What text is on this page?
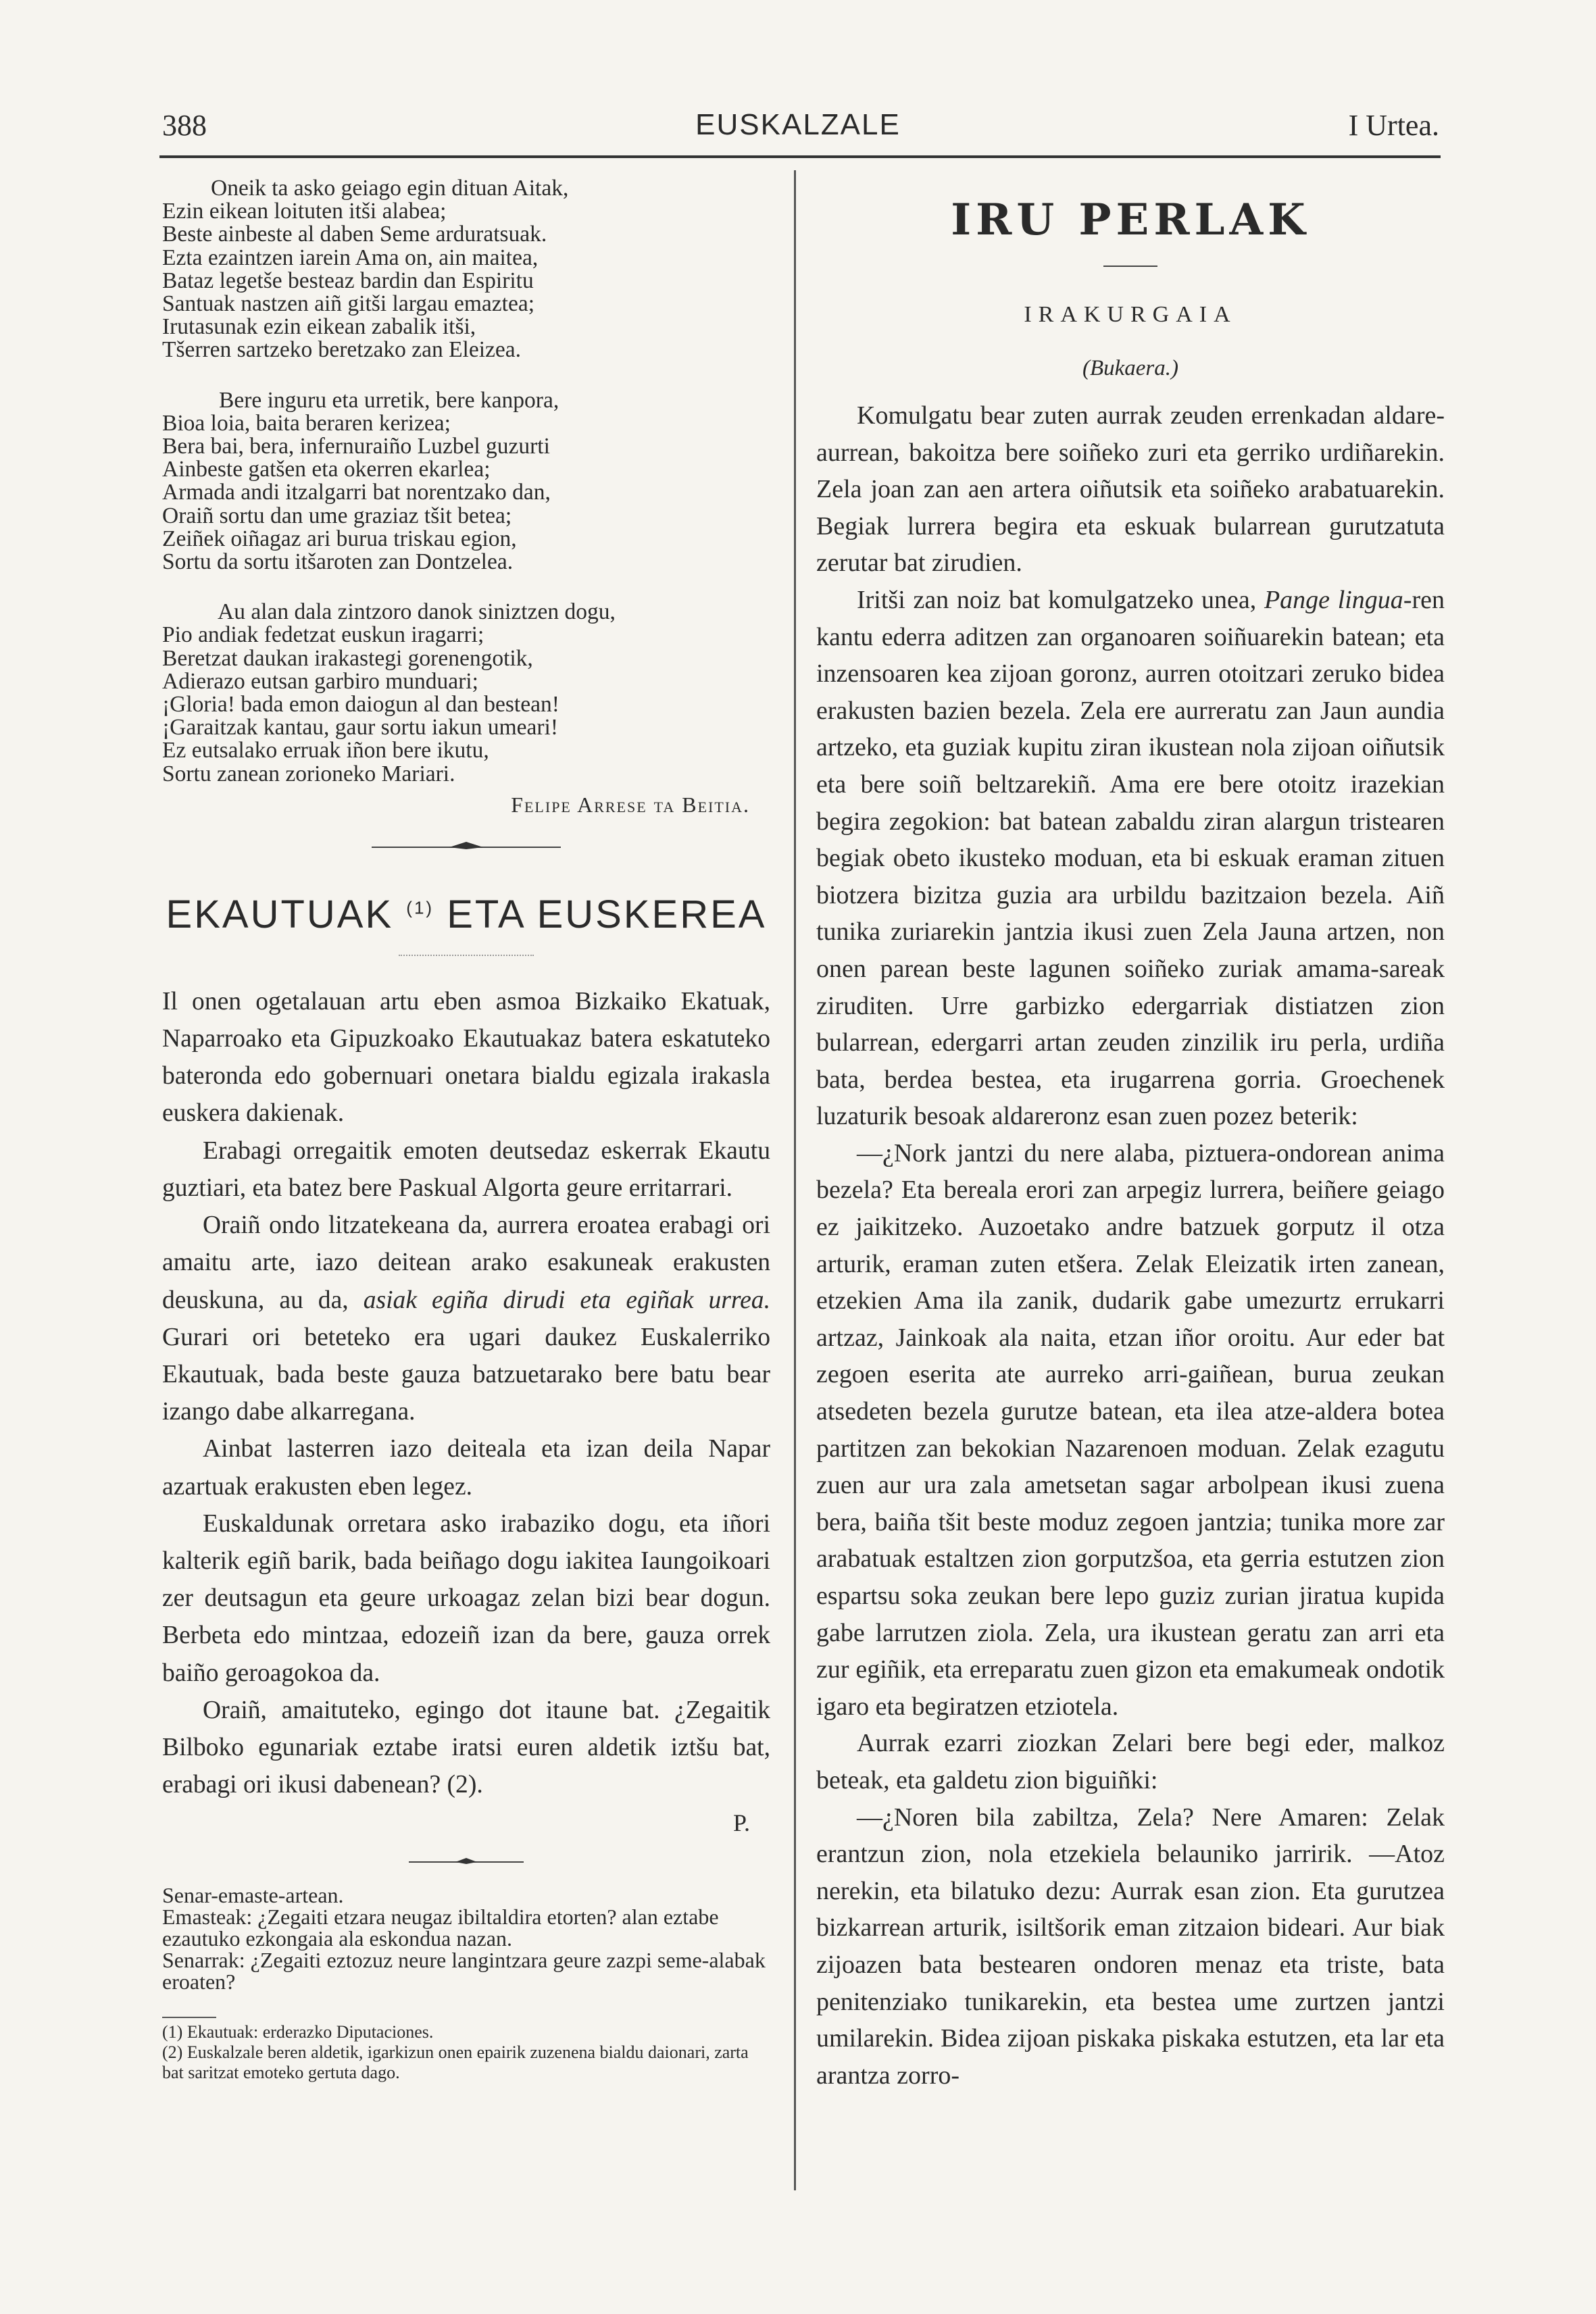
388	EUSKALZALE	I Urtea.

Oneik ta asko geiago egin dituan Aitak,

Ezin eikean loituten itši alabea;

Beste ainbeste al daben Seme arduratsuak.

Ezta ezaintzen iarein Ama on, ain maitea,

Bataz legetše besteaz bardin dan Espiritu

Santuak nastzen aiñ gitši largau emaztea;

Irutasunak ezin eikean zabalik itši,

Tšerren sartzeko beretzako zan Eleizea.

Bere inguru eta urretik, bere kanpora,

Bioa loia, baita beraren kerizea;

Bera bai, bera, infernuraiño Luzbel guzurti

Ainbeste gatšen eta okerren ekarlea;

Armada andi itzalgarri bat norentzako dan,

Oraiñ sortu dan ume graziaz tšit betea;

Zeiñek oiñagaz ari burua triskau egion,

Sortu da sortu itšaroten zan Dontzelea.

Au alan dala zintzoro danok siniztzen dogu,

Pio andiak fedetzat euskun iragarri;

Beretzat daukan irakastegi gorenengotik,

Adierazo eutsan garbiro munduari;

¡Gloria! bada emon daiogun al dan bestean!

¡Garaitzak kantau, gaur sortu iakun umeari!

Ez eutsalako erruak iñon bere ikutu,

Sortu zanean zorioneko Mariari.

Felipe Arrese ta Beitia.
EKAUTUAK $^{(1)}$ ETA EUSKEREA

Il onen ogetalauan artu eben asmoa Bizkaiko Ekatuak, Naparroako eta Gipuzkoako Ekautuakaz batera eskatuteko bateronda edo gobernuari onetara bialdu egizala irakasla euskera dakienak.

Erabagi orregaitik emoten deutsedaz eskerrak Ekautu guztiari, eta batez bere Paskual Algorta geure erritarrari.

Oraiñ ondo litzatekeana da, aurrera eroatea erabagi ori amaitu arte, iazo deitean arako esakuneak erakusten deuskuna, au da, asiak egiña dirudi eta egiñak urrea. Gurari ori beteteko era ugari daukez Euskalerriko Ekautuak, bada beste gauza batzuetarako bere batu bear izango dabe alkarreganа.

Ainbat lasterren iazo deiteala eta izan deila Napar azartuak erakusten eben legez.

Euskaldunak orretara asko irabaziko dogu, eta iñori kalterik egiñ barik, bada beiñago dogu iakitea Iaungoikoari zer deutsagun eta geure urkoagaz zelan bizi bear dogun. Berbeta edo mintzaa, edozeiñ izan da bere, gauza orrek baiño geroagokoa da.

Oraiñ, amaituteko, egingo dot itaune bat. ¿Zegaitik Bilboko egunariak eztabe iratsi euren aldetik iztšu bat, erabagi ori ikusi dabenean? (2).

P.

Senar-emaste-artean.

Emasteak: ¿Zegaiti etzara neugaz ibiltaldira etorten? alan eztabe ezautuko ezkongaia ala eskondua nazan.

Senarrak: ¿Zegaiti eztozuz neure langintzara geure zazpi seme-alabak eroaten?

(1) Ekautuak: erderazko Diputaciones.

(2) Euskalzale beren aldetik, igarkizun onen epairik zuzenena bialdu daionari, zarta bat saritzat emoteko gertuta dago.

IRU PERLAK
IRAKURGAIA
(Bukaera.)

Komulgatu bear zuten aurrak zeuden errenkadan aldare-aurrean, bakoitza bere soiñeko zuri eta gerriko urdiñarekin. Zela joan zan aen artera oiñutsik eta soiñeko arabatuarekin. Begiak lurrera begira eta eskuak bularrean gurutzatuta zerutar bat zirudien.

Iritši zan noiz bat komulgatzeko unea, Pange lingua-ren kantu ederra aditzen zan organoaren soiñuarekin batean; eta inzensoaren kea zijoan goronz, aurren otoitzari zeruko bidea erakusten bazien bezela. Zela ere aurreratu zan Jaun aundia artzeko, eta guziak kupitu ziran ikustean nola zijoan oiñutsik eta bere soiñ beltzarekiñ. Ama ere bere otoitz irazekian begira zegokion: bat batean zabaldu ziran alargun tristearen begiak obeto ikusteko moduan, eta bi eskuak eraman zituen biotzera bizitza guzia ara urbildu bazitzaion bezela. Aiñ tunika zuriarekin jantzia ikusi zuen Zela Jauna artzen, non onen parean beste lagunen soiñeko zuriak amama-sareak ziruditen. Urre garbizko edergarriak distiatzen zion bularrean, edergarri artan zeuden zinzilik iru perla, urdiña bata, berdea bestea, eta irugarrena gorria. Groechenek luzaturik besoak aldareronz esan zuen pozez beterik:

—¿Nork jantzi du nere alaba, piztuera-ondorean anima bezela? Eta bereala erori zan arpegiz lurrera, beiñere geiago ez jaikitzeko. Auzoetako andre batzuek gorputz il otza arturik, eraman zuten etšera. Zelak Eleizatik irten zanean, etzekien Ama ila zanik, dudarik gabe umezurtz errukarri artzaz, Jainkoak ala naita, etzan iñor oroitu. Aur eder bat zegoen eserita ate aurreko arri-gaiñean, burua zeukan atsedeten bezela gurutze batean, eta ilea atze-aldera botea partitzen zan bekokian Nazarenoen moduan. Zelak ezagutu zuen aur ura zala ametsetan sagar arbolpean ikusi zuena bera, baiña tšit beste moduz zegoen jantzia; tunika more zar arabatuak estaltzen zion gorputzšoa, eta gerria estutzen zion espartsu soka zeukan bere lepo guziz zurian jiratua kupida gabe larrutzen ziola. Zela, ura ikustean geratu zan arri eta zur egiñik, eta erreparatu zuen gizon eta emakumeak ondotik igaro eta begiratzen etziotela.

Aurrak ezarri ziozkan Zelari bere begi eder, malkoz beteak, eta galdetu zion biguiñki:

—¿Noren bila zabiltza, Zela? Nere Amaren: Zelak erantzun zion, nola etzekiela belauniko jarririk. —Atoz nerekin, eta bilatuko dezu: Aurrak esan zion. Eta gurutzea bizkarrean arturik, isiltšorik eman zitzaion bideari. Aur biak zijoazen bata bestearen ondoren menaz eta triste, bata penitenziako tunikarekin, eta bestea ume zurtzen jantzi umilarekin. Bidea zijoan piskaka piskaka estutzen, eta lar eta arantza zorro-
